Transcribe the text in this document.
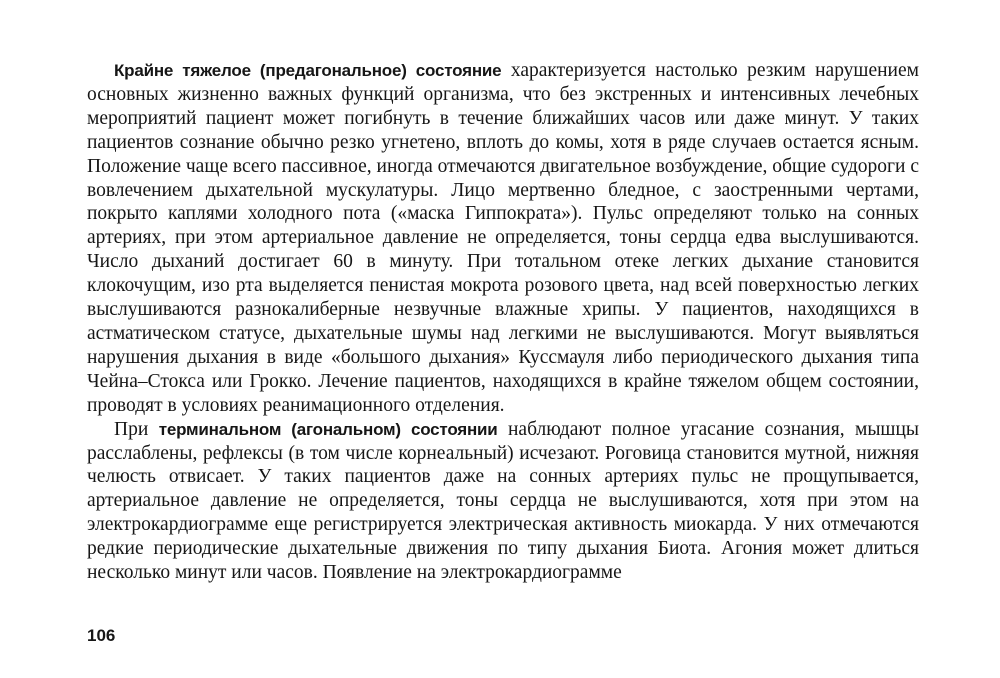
Крайне тяжелое (предагональное) состояние характеризуется настолько резким нарушением основных жизненно важных функций организма, что без экстренных и интенсивных лечебных мероприятий пациент может погибнуть в течение ближайших часов или даже минут. У таких пациентов сознание обычно резко угнетено, вплоть до комы, хотя в ряде случаев остается ясным. Положение чаще всего пассивное, иногда отмечаются двигательное возбуждение, общие судороги с вовлечением дыхательной мускулатуры. Лицо мертвенно бледное, с заостренными чертами, покрыто каплями холодного пота («маска Гиппократа»). Пульс определяют только на сонных артериях, при этом артериальное давление не определяется, тоны сердца едва выслушиваются. Число дыханий достигает 60 в минуту. При тотальном отеке легких дыхание становится клокочущим, изо рта выделяется пенистая мокрота розового цвета, над всей поверхностью легких выслушиваются разнокалиберные незвучные влажные хрипы. У пациентов, находящихся в астматическом статусе, дыхательные шумы над легкими не выслушиваются. Могут выявляться нарушения дыхания в виде «большого дыхания» Куссмауля либо периодического дыхания типа Чейна–Стокса или Грокко. Лечение пациентов, находящихся в крайне тяжелом общем состоянии, проводят в условиях реанимационного отделения.

При терминальном (агональном) состоянии наблюдают полное угасание сознания, мышцы расслаблены, рефлексы (в том числе корнеальный) исчезают. Роговица становится мутной, нижняя челюсть отвисает. У таких пациентов даже на сонных артериях пульс не прощупывается, артериальное давление не определяется, тоны сердца не выслушиваются, хотя при этом на электрокардиограмме еще регистрируется электрическая активность миокарда. У них отмечаются редкие периодические дыхательные движения по типу дыхания Биота. Агония может длиться несколько минут или часов. Появление на электрокардиограмме

106
